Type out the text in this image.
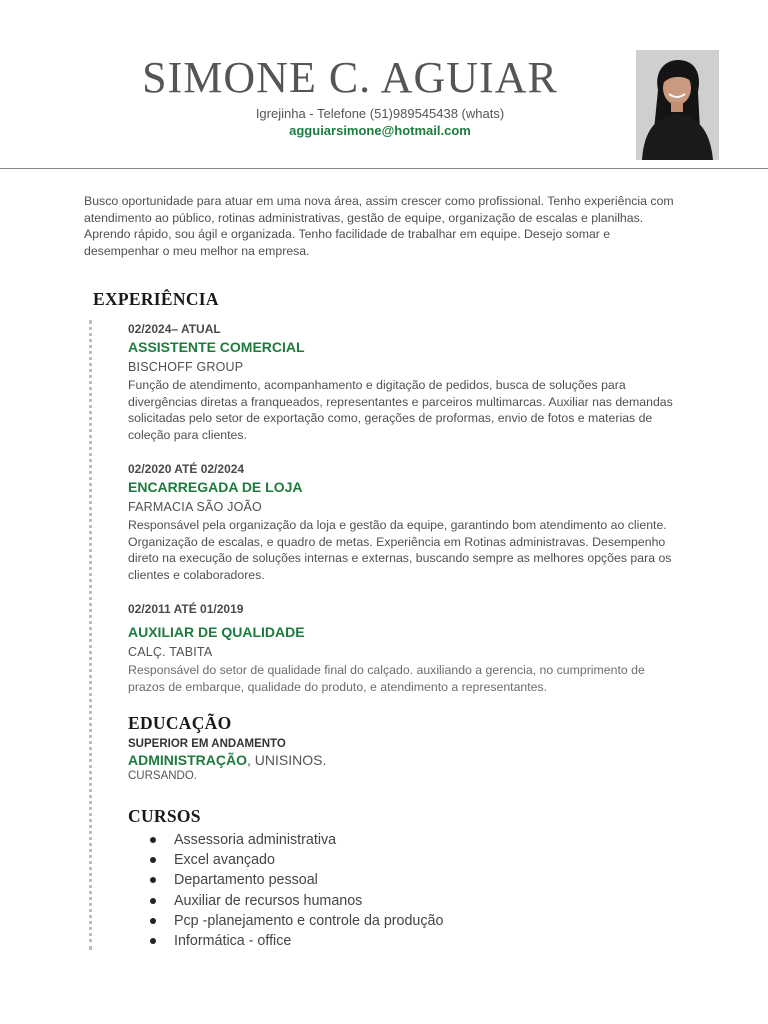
SIMONE C. AGUIAR
Igrejinha - Telefone (51)989545438 (whats)
agguiarsimone@hotmail.com
Busco oportunidade para atuar em uma nova área, assim crescer como profissional. Tenho experiência com atendimento ao público, rotinas administrativas, gestão de equipe, organização de escalas e planilhas. Aprendo rápido, sou ágil e organizada. Tenho facilidade de trabalhar em equipe. Desejo somar e desempenhar o meu melhor na empresa.
EXPERIÊNCIA
02/2024– ATUAL
ASSISTENTE COMERCIAL
BISCHOFF GROUP
Função de atendimento, acompanhamento e digitação de pedidos, busca de soluções para divergências diretas a franqueados, representantes e parceiros multimarcas. Auxiliar nas demandas solicitadas pelo setor de exportação como, gerações de proformas, envio de fotos e materias de coleção para clientes.
02/2020 ATÉ 02/2024
ENCARREGADA DE LOJA
FARMACIA SÃO JOÃO
Responsável pela organização da loja e gestão da equipe, garantindo bom atendimento ao cliente. Organização de escalas, e quadro de metas. Experiência em Rotinas administravas. Desempenho direto na execução de soluções internas e externas, buscando sempre as melhores opções para os clientes e colaboradores.
02/2011 ATÉ 01/2019
AUXILIAR DE QUALIDADE
CALÇ. TABITA
Responsável do setor de qualidade final do calçado. auxiliando a gerencia, no cumprimento de prazos de embarque, qualidade do produto, e atendimento a representantes.
EDUCAÇÃO
SUPERIOR EM ANDAMENTO
ADMINISTRAÇÃO, UNISINOS.
CURSANDO.
CURSOS
Assessoria administrativa
Excel avançado
Departamento pessoal
Auxiliar de recursos humanos
Pcp -planejamento e controle da produção
Informática - office
